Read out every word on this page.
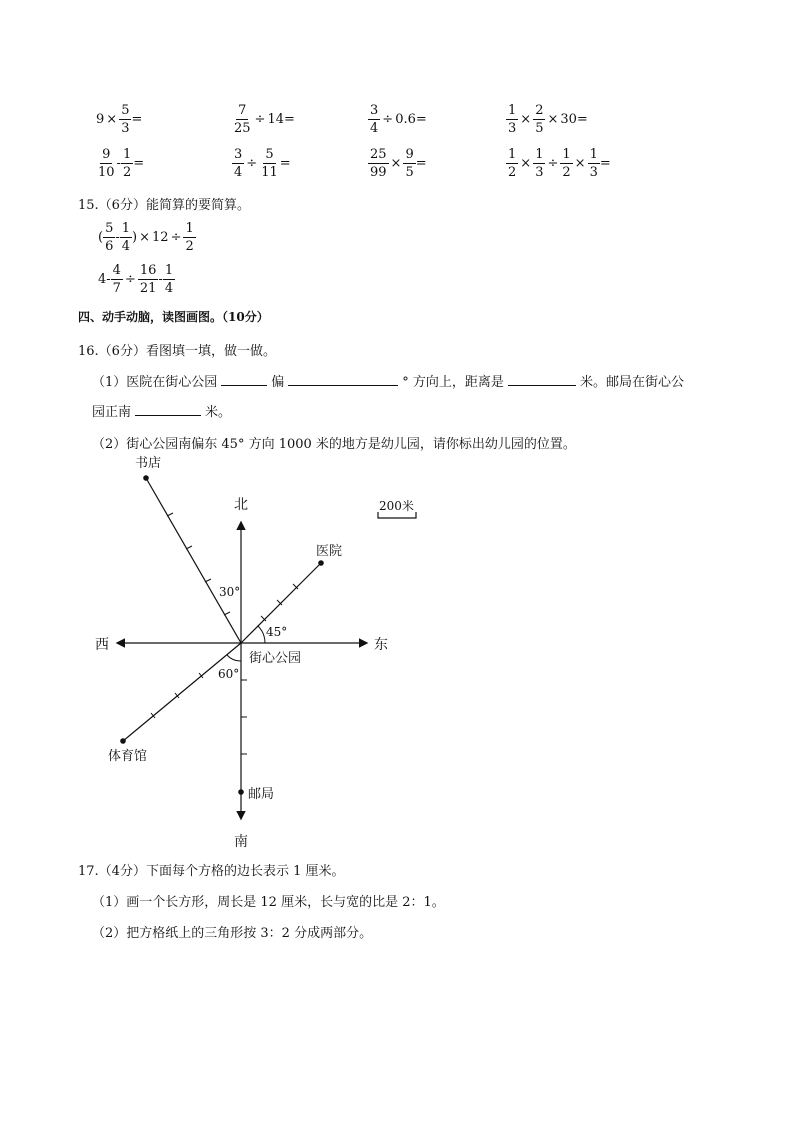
$9 \times \frac{5}{3}$ =	$\frac{7}{25} \div 14$ =	$\frac{3}{4} \div 0.6$ =	$\frac{1}{3} \times \frac{2}{5} \times 30$ =
$\frac{9}{10} - \frac{1}{2}$ =	$\frac{3}{4} \div \frac{5}{11}$ =	$\frac{25}{99} \times \frac{9}{5}$ =	$\frac{1}{2} \times \frac{1}{3} \div \frac{1}{2} \times \frac{1}{3}$ =
15.（6分）能简算的要简算。
( $\frac{5}{6} - \frac{1}{4}$ ) × $12 \div \frac{1}{2}$
$4- \frac{4}{7} \div \frac{16}{21} - \frac{1}{4}$
四、动手动脑，读图画图。（10分）
16.（6分）看图填一填，做一做。
（1）医院在街心公园	偏	° 方向上，距离是	米。邮局在街心公
园正南	米。
（2）街心公园南偏东 45° 方向 1000 米的地方是幼儿园，请你标出幼儿园的位置。
北
南
东
西
街心公园
书店
医院
体育馆
邮局
30°
45°
60°
200米
17.（4分）下面每个方格的边长表示 1 厘米。
（1）画一个长方形，周长是 12 厘米，长与宽的比是 2：1。
（2）把方格纸上的三角形按 3：2 分成两部分。
